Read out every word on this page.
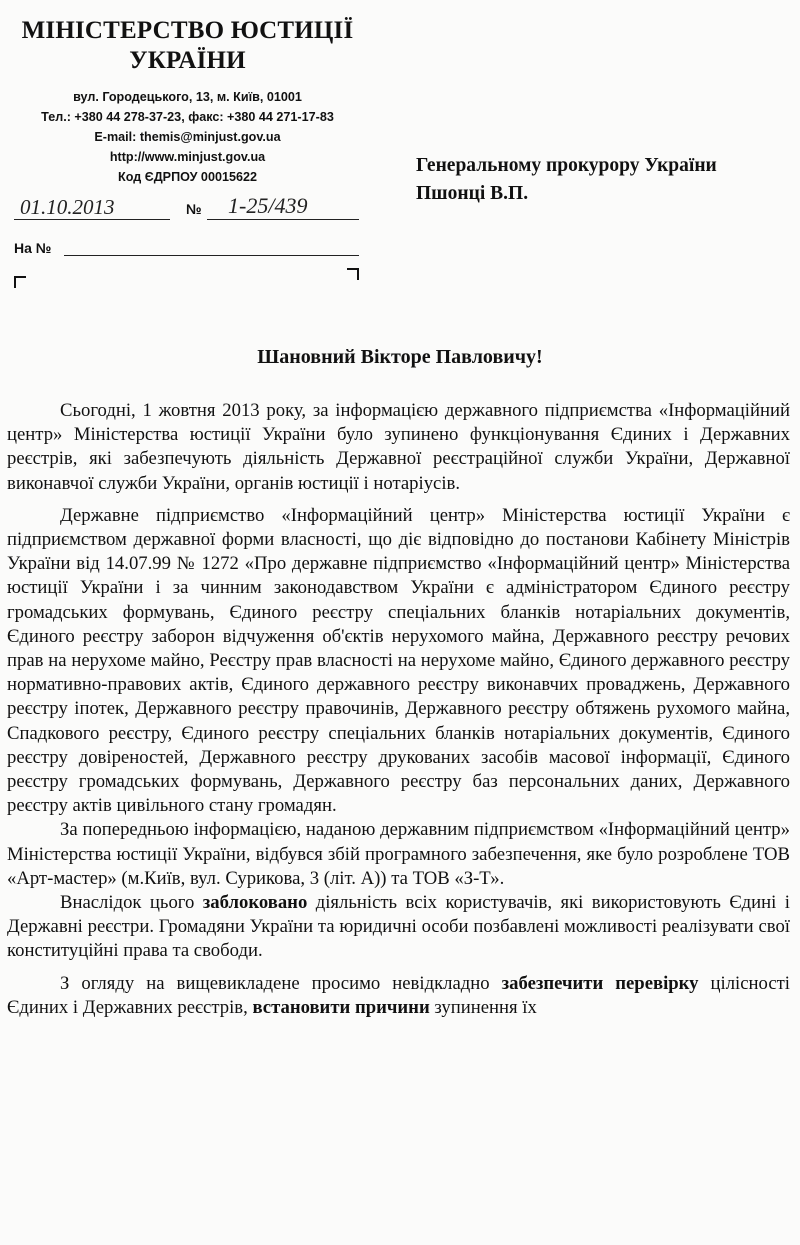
МІНІСТЕРСТВО ЮСТИЦІЇ
УКРАЇНИ
вул. Городецького, 13, м. Київ, 01001
Тел.: +380 44 278-37-23, факс: +380 44 271-17-83
E-mail: themis@minjust.gov.ua
http://www.minjust.gov.ua
Код ЄДРПОУ 00015622
01.10.2013	№ 1-25/439
На №
Генеральному прокурору України
Пшонці В.П.
Шановний Вікторе Павловичу!

Сьогодні, 1 жовтня 2013 року, за інформацією державного підприємства «Інформаційний центр» Міністерства юстиції України було зупинено функціонування Єдиних і Державних реєстрів, які забезпечують діяльність Державної реєстраційної служби України, Державної виконавчої служби України, органів юстиції і нотаріусів.

Державне підприємство «Інформаційний центр» Міністерства юстиції України є підприємством державної форми власності, що діє відповідно до постанови Кабінету Міністрів України від 14.07.99 № 1272 «Про державне підприємство «Інформаційний центр» Міністерства юстиції України і за чинним законодавством України є адміністратором Єдиного реєстру громадських формувань, Єдиного реєстру спеціальних бланків нотаріальних документів, Єдиного реєстру заборон відчуження об'єктів нерухомого майна, Державного реєстру речових прав на нерухоме майно, Реєстру прав власності на нерухоме майно, Єдиного державного реєстру нормативно-правових актів, Єдиного державного реєстру виконавчих проваджень, Державного реєстру іпотек, Державного реєстру правочинів, Державного реєстру обтяжень рухомого майна, Спадкового реєстру, Єдиного реєстру спеціальних бланків нотаріальних документів, Єдиного реєстру довіреностей, Державного реєстру друкованих засобів масової інформації, Єдиного реєстру громадських формувань, Державного реєстру баз персональних даних, Державного реєстру актів цивільного стану громадян.

За попередньою інформацією, наданою державним підприємством «Інформаційний центр» Міністерства юстиції України, відбувся збій програмного забезпечення, яке було розроблене ТОВ «Арт-мастер» (м.Київ, вул. Сурикова, 3 (літ. А)) та ТОВ «З-Т».

Внаслідок цього заблоковано діяльність всіх користувачів, які використовують Єдині і Державні реєстри. Громадяни України та юридичні особи позбавлені можливості реалізувати свої конституційні права та свободи.

З огляду на вищевикладене просимо невідкладно забезпечити перевірку цілісності Єдиних і Державних реєстрів, встановити причини зупинення їх
